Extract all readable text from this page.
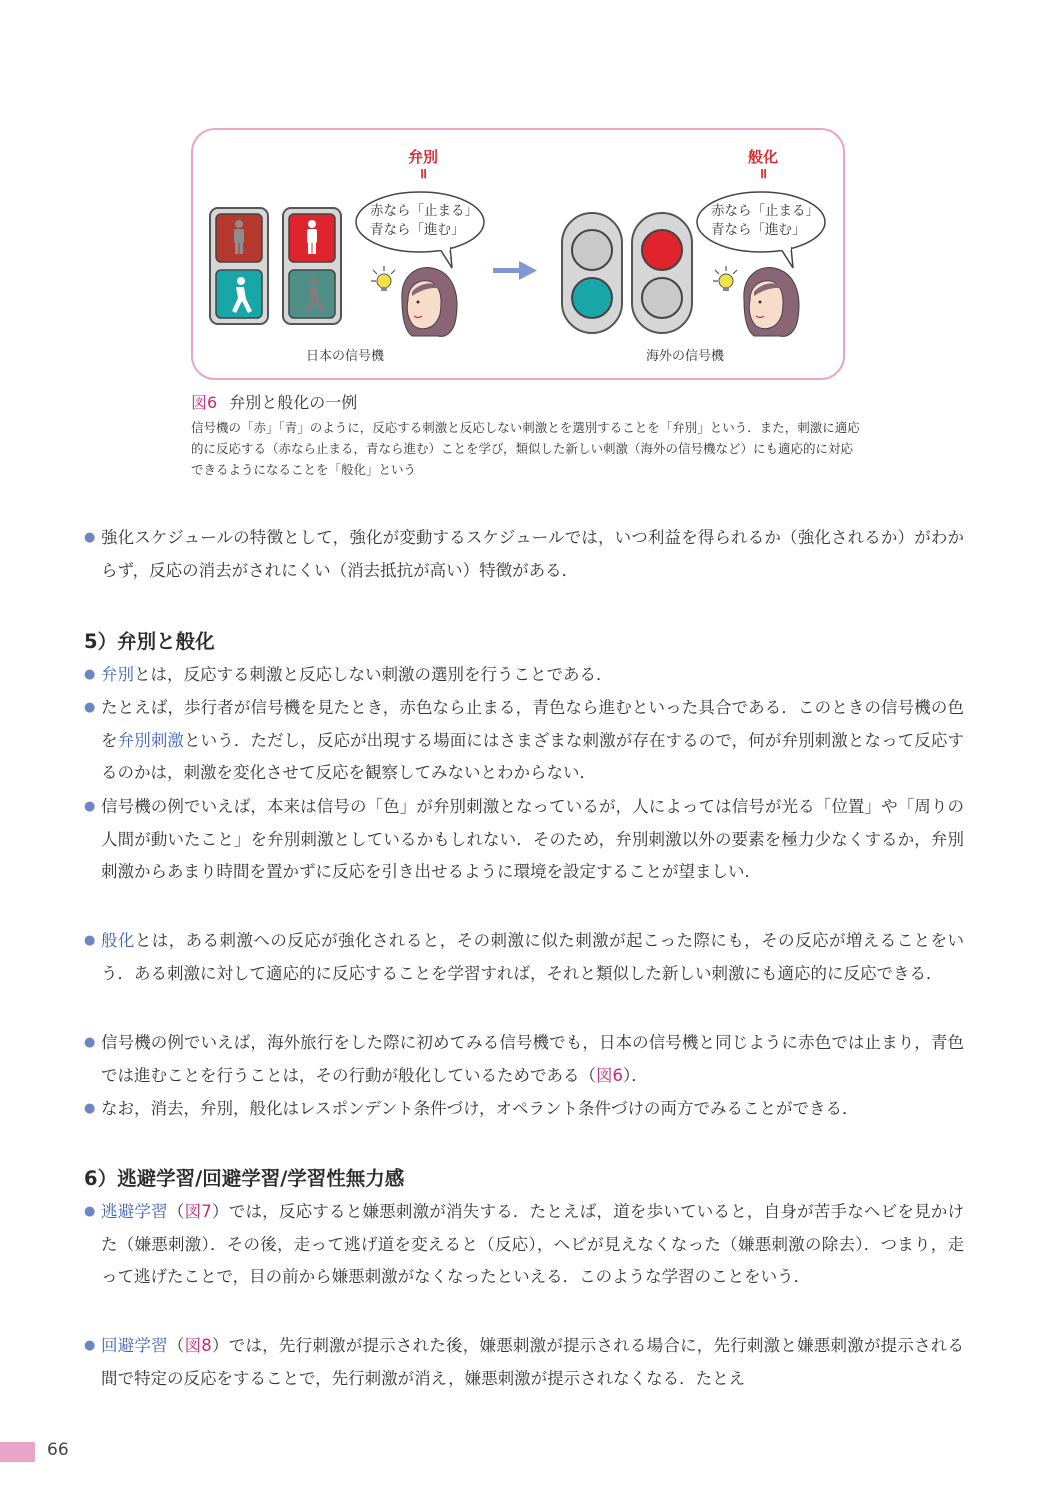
弁別
॥
般化
॥
赤なら「止まる」
青なら「進む」
赤なら「止まる」
青なら「進む」
日本の信号機	海外の信号機
図6 弁別と般化の一例
信号機の「赤」「青」のように，反応する刺激と反応しない刺激とを選別することを「弁別」という．また，刺激に適応的に反応する（赤なら止まる，青なら進む）ことを学び，類似した新しい刺激（海外の信号機など）にも適応的に対応できるようになることを「般化」という
● 強化スケジュールの特徴として，強化が変動するスケジュールでは，いつ利益を得られるか（強化されるか）がわからず，反応の消去がされにくい（消去抵抗が高い）特徴がある．
5）弁別と般化
● 弁別とは，反応する刺激と反応しない刺激の選別を行うことである．
● たとえば，歩行者が信号機を見たとき，赤色なら止まる，青色なら進むといった具合である．このときの信号機の色を弁別刺激という．ただし，反応が出現する場面にはさまざまな刺激が存在するので，何が弁別刺激となって反応するのかは，刺激を変化させて反応を観察してみないとわからない．
● 信号機の例でいえば，本来は信号の「色」が弁別刺激となっているが，人によっては信号が光る「位置」や「周りの人間が動いたこと」を弁別刺激としているかもしれない．そのため，弁別刺激以外の要素を極力少なくするか，弁別刺激からあまり時間を置かずに反応を引き出せるように環境を設定することが望ましい．
● 般化とは，ある刺激への反応が強化されると，その刺激に似た刺激が起こった際にも，その反応が増えることをいう．ある刺激に対して適応的に反応することを学習すれば，それと類似した新しい刺激にも適応的に反応できる．
● 信号機の例でいえば，海外旅行をした際に初めてみる信号機でも，日本の信号機と同じように赤色では止まり，青色では進むことを行うことは，その行動が般化しているためである（図6）．
● なお，消去，弁別，般化はレスポンデント条件づけ，オペラント条件づけの両方でみることができる．
6）逃避学習/回避学習/学習性無力感
● 逃避学習（図7）では，反応すると嫌悪刺激が消失する．たとえば，道を歩いていると，自身が苦手なヘビを見かけた（嫌悪刺激）．その後，走って逃げ道を変えると（反応），ヘビが見えなくなった（嫌悪刺激の除去）．つまり，走って逃げたことで，目の前から嫌悪刺激がなくなったといえる．このような学習のことをいう．
● 回避学習（図8）では，先行刺激が提示された後，嫌悪刺激が提示される場合に，先行刺激と嫌悪刺激が提示される間で特定の反応をすることで，先行刺激が消え，嫌悪刺激が提示されなくなる．たとえ
66
